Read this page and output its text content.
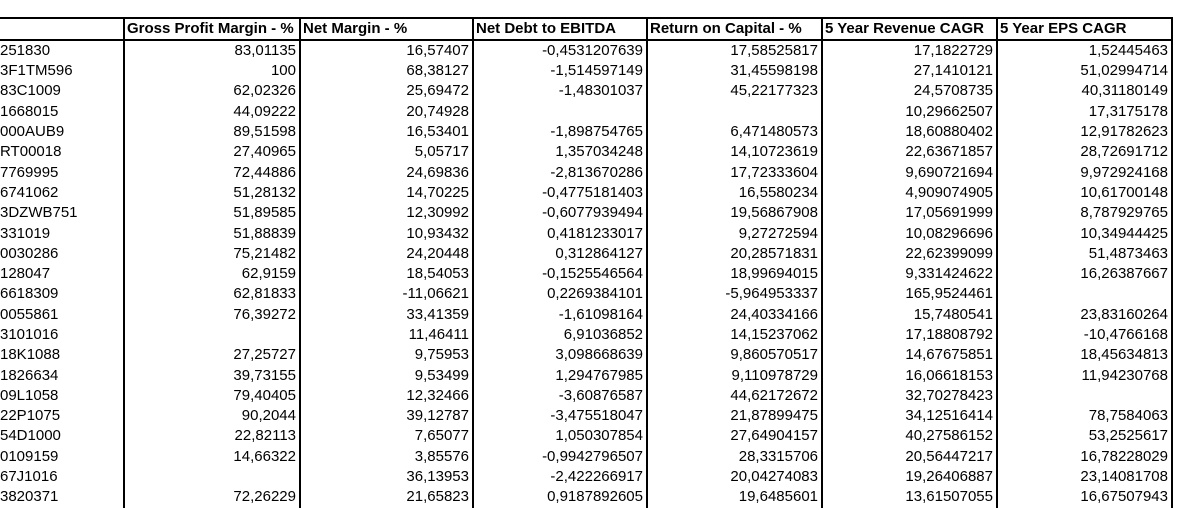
	Gross Profit Margin - %	Net Margin - %	Net Debt to EBITDA	Return on Capital - %	5 Year Revenue CAGR	5 Year EPS CAGR
251830	83,01135	16,57407	-0,4531207639	17,58525817	17,1822729	1,52445463
3F1TM596	100	68,38127	-1,514597149	31,45598198	27,1410121	51,02994714
83C1009	62,02326	25,69472	-1,48301037	45,22177323	24,5708735	40,31180149
1668015	44,09222	20,74928			10,29662507	17,3175178
000AUB9	89,51598	16,53401	-1,898754765	6,471480573	18,60880402	12,91782623
RT00018	27,40965	5,05717	1,357034248	14,10723619	22,63671857	28,72691712
7769995	72,44886	24,69836	-2,813670286	17,72333604	9,690721694	9,972924168
6741062	51,28132	14,70225	-0,4775181403	16,5580234	4,909074905	10,61700148
3DZWB751	51,89585	12,30992	-0,6077939494	19,56867908	17,05691999	8,787929765
331019	51,88839	10,93432	0,4181233017	9,27272594	10,08296696	10,34944425
0030286	75,21482	24,20448	0,312864127	20,28571831	22,62399099	51,4873463
128047	62,9159	18,54053	-0,1525546564	18,99694015	9,331424622	16,26387667
6618309	62,81833	-11,06621	0,2269384101	-5,964953337	165,9524461	
0055861	76,39272	33,41359	-1,61098164	24,40334166	15,7480541	23,83160264
3101016		11,46411	6,91036852	14,15237062	17,18808792	-10,4766168
18K1088	27,25727	9,75953	3,098668639	9,860570517	14,67675851	18,45634813
1826634	39,73155	9,53499	1,294767985	9,110978729	16,06618153	11,94230768
09L1058	79,40405	12,32466	-3,60876587	44,62172672	32,70278423	
22P1075	90,2044	39,12787	-3,475518047	21,87899475	34,12516414	78,7584063
54D1000	22,82113	7,65077	1,050307854	27,64904157	40,27586152	53,2525617
0109159	14,66322	3,85576	-0,9942796507	28,3315706	20,56447217	16,78228029
67J1016		36,13953	-2,422266917	20,04274083	19,26406887	23,14081708
3820371	72,26229	21,65823	0,9187892605	19,6485601	13,61507055	16,67507943
